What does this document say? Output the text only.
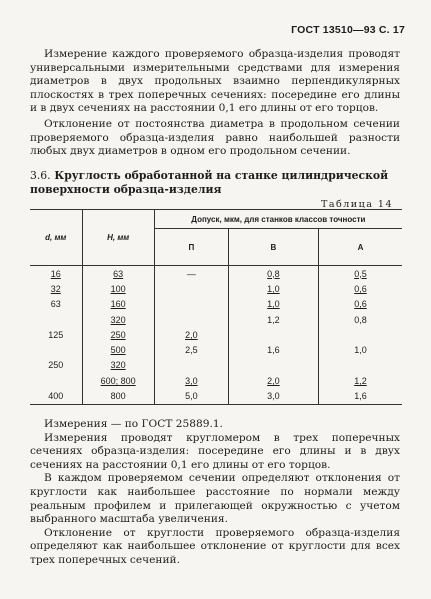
ГОСТ 13510—93 С. 17

Измерение каждого проверяемого образца-изделия проводят универсальными измерительными средствами для измерения диаметров в двух продольных взаимно перпендикулярных плоскостях в трех поперечных сечениях: посередине его длины и в двух сечениях на расстоянии 0,1 его длины от его торцов.

Отклонение от постоянства диаметра в продольном сечении проверяемого образца-изделия равно наибольшей разности любых двух диаметров в одном его продольном сечении.

3.6. Круглость обработанной на станке цилиндрической поверхности образца-изделия
Таблица 14
d, мм	H, мм	Допуск, мкм, для станков классов точности		
		П	В	А
16	63	—	0,8	0,5
32	100		1,0	0,6
63	160		1,0	0,6
	320		1,2	0,8
125	250	2,0		
	500	2,5	1,6	1,0
250	320			
	600; 800	3,0	2,0	1,2
400	800	5,0	3,0	1,6

Измерения — по ГОСТ 25889.1.

Измерения проводят кругломером в трех поперечных сечениях образца-изделия: посередине его длины и в двух сечениях на расстоянии 0,1 его длины от его торцов.

В каждом проверяемом сечении определяют отклонения от круглости как наибольшее расстояние по нормали между реальным профилем и прилегающей окружностью с учетом выбранного масштаба увеличения.

Отклонение от круглости проверяемого образца-изделия определяют как наибольшее отклонение от круглости для всех трех поперечных сечений.
